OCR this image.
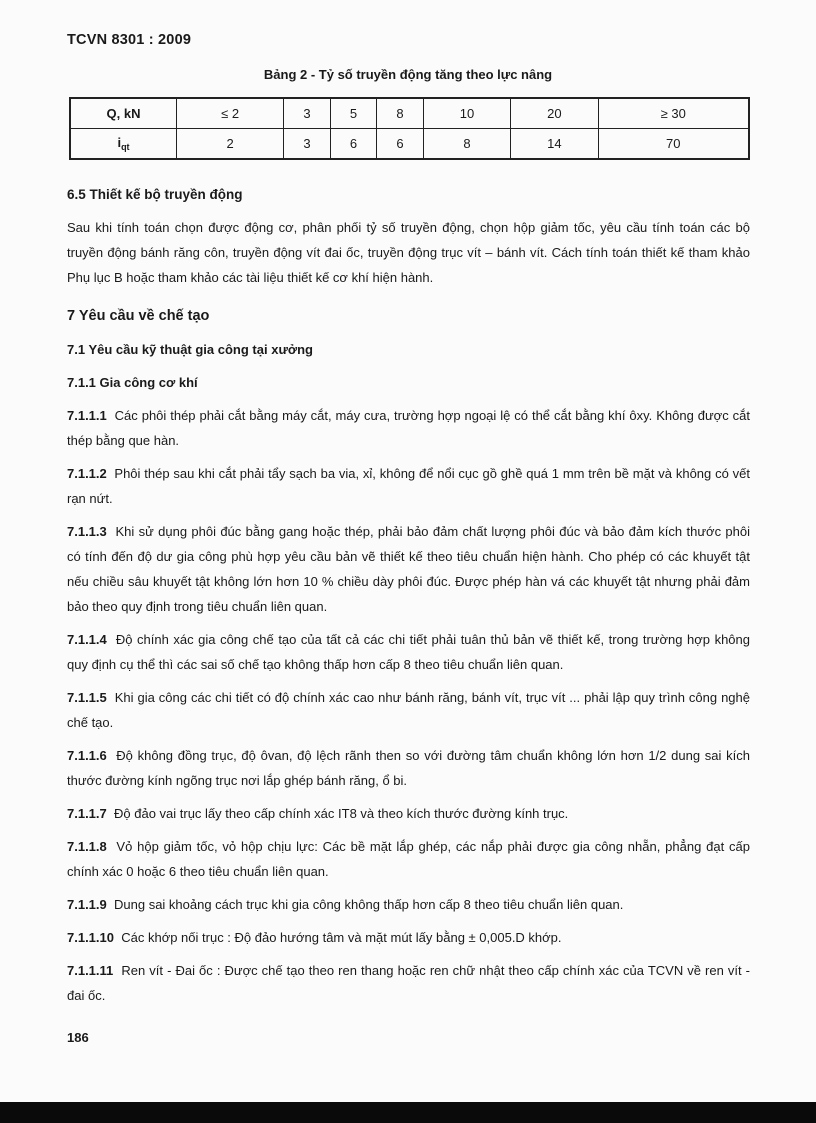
TCVN 8301 : 2009
Bảng 2 - Tỷ số truyền động tăng theo lực nâng
Q, kN	≤ 2	3	5	8	10	20	≥ 30
$i_{qt}$	2	3	6	6	8	14	70
6.5 Thiết kế bộ truyền động

Sau khi tính toán chọn được động cơ, phân phối tỷ số truyền động, chọn hộp giảm tốc, yêu cầu tính toán các bộ truyền động bánh răng côn, truyền động vít đai ốc, truyền động trục vít – bánh vít. Cách tính toán thiết kế tham khảo Phụ lục B hoặc tham khảo các tài liệu thiết kế cơ khí hiện hành.

7 Yêu cầu về chế tạo
7.1 Yêu cầu kỹ thuật gia công tại xưởng
7.1.1 Gia công cơ khí

7.1.1.1 Các phôi thép phải cắt bằng máy cắt, máy cưa, trường hợp ngoại lệ có thể cắt bằng khí ôxy. Không được cắt thép bằng que hàn.

7.1.1.2 Phôi thép sau khi cắt phải tẩy sạch ba via, xỉ, không để nổi cục gồ ghề quá 1 mm trên bề mặt và không có vết rạn nứt.

7.1.1.3 Khi sử dụng phôi đúc bằng gang hoặc thép, phải bảo đảm chất lượng phôi đúc và bảo đảm kích thước phôi có tính đến độ dư gia công phù hợp yêu cầu bản vẽ thiết kế theo tiêu chuẩn hiện hành. Cho phép có các khuyết tật nếu chiều sâu khuyết tật không lớn hơn 10 % chiều dày phôi đúc. Được phép hàn vá các khuyết tật nhưng phải đảm bảo theo quy định trong tiêu chuẩn liên quan.

7.1.1.4 Độ chính xác gia công chế tạo của tất cả các chi tiết phải tuân thủ bản vẽ thiết kế, trong trường hợp không quy định cụ thể thì các sai số chế tạo không thấp hơn cấp 8 theo tiêu chuẩn liên quan.

7.1.1.5 Khi gia công các chi tiết có độ chính xác cao như bánh răng, bánh vít, trục vít ... phải lập quy trình công nghệ chế tạo.

7.1.1.6 Độ không đồng trục, độ ôvan, độ lệch rãnh then so với đường tâm chuẩn không lớn hơn 1/2 dung sai kích thước đường kính ngõng trục nơi lắp ghép bánh răng, ổ bi.

7.1.1.7 Độ đảo vai trục lấy theo cấp chính xác IT8 và theo kích thước đường kính trục.

7.1.1.8 Vỏ hộp giảm tốc, vỏ hộp chịu lực: Các bề mặt lắp ghép, các nắp phải được gia công nhẵn, phẳng đạt cấp chính xác 0 hoặc 6 theo tiêu chuẩn liên quan.

7.1.1.9 Dung sai khoảng cách trục khi gia công không thấp hơn cấp 8 theo tiêu chuẩn liên quan.

7.1.1.10 Các khớp nối trục : Độ đảo hướng tâm và mặt mút lấy bằng ± 0,005.D khớp.

7.1.1.11 Ren vít - Đai ốc : Được chế tạo theo ren thang hoặc ren chữ nhật theo cấp chính xác của TCVN về ren vít - đai ốc.

186
